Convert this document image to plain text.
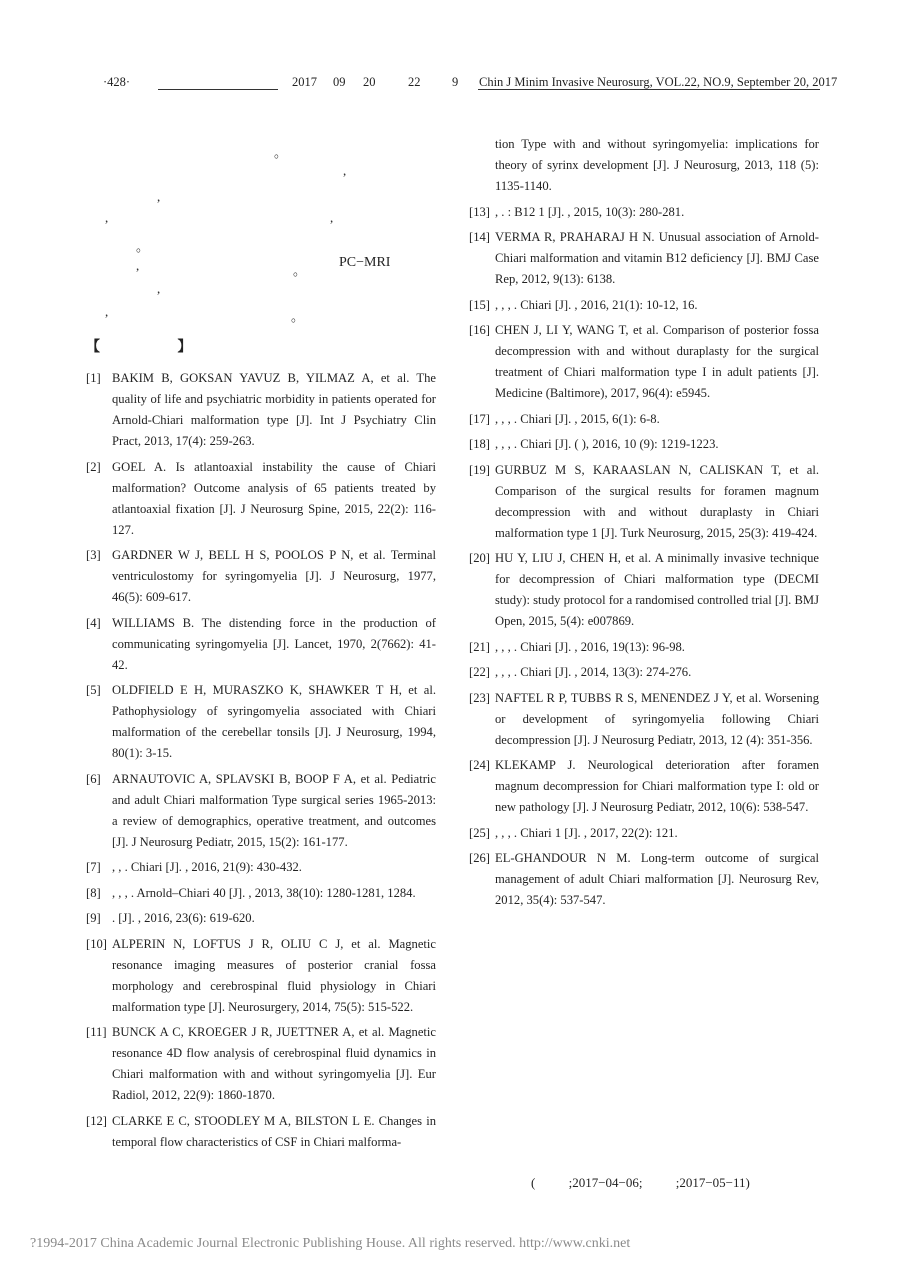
·428·	2017 09 20	22	9 Chin J Minim Invasive Neurosurg, VOL.22, NO.9, September 20, 2017
。
,
,
,	,
。
,	。
PC−MRI
,
,	。
【 】
[1] BAKIM B, GOKSAN YAVUZ B, YILMAZ A, et al. The quality of life and psychiatric morbidity in patients operated for Arnold-Chiari malformation type [J]. Int J Psychiatry Clin Pract, 2013, 17(4): 259-263.
[2] GOEL A. Is atlantoaxial instability the cause of Chiari malformation? Outcome analysis of 65 patients treated by atlantoaxial fixation [J]. J Neurosurg Spine, 2015, 22(2): 116-127.
[3] GARDNER W J, BELL H S, POOLOS P N, et al. Terminal ventriculostomy for syringomyelia [J]. J Neurosurg, 1977, 46(5): 609-617.
[4] WILLIAMS B. The distending force in the production of communicating syringomyelia [J]. Lancet, 1970, 2(7662): 41-42.
[5] OLDFIELD E H, MURASZKO K, SHAWKER T H, et al. Pathophysiology of syringomyelia associated with Chiari malformation of the cerebellar tonsils [J]. J Neurosurg, 1994, 80(1): 3-15.
[6] ARNAUTOVIC A, SPLAVSKI B, BOOP F A, et al. Pediatric and adult Chiari malformation Type surgical series 1965-2013: a review of demographics, operative treatment, and outcomes [J]. J Neurosurg Pediatr, 2015, 15(2): 161-177.
[7] , , . Chiari [J]. , 2016, 21(9): 430-432.
[8] , , , . Arnold–Chiari 40 [J]. , 2013, 38(10): 1280-1281, 1284.
[9] . [J]. , 2016, 23(6): 619-620.
[10] ALPERIN N, LOFTUS J R, OLIU C J, et al. Magnetic resonance imaging measures of posterior cranial fossa morphology and cerebrospinal fluid physiology in Chiari malformation type [J]. Neurosurgery, 2014, 75(5): 515-522.
[11] BUNCK A C, KROEGER J R, JUETTNER A, et al. Magnetic resonance 4D flow analysis of cerebrospinal fluid dynamics in Chiari malformation with and without syringomyelia [J]. Eur Radiol, 2012, 22(9): 1860-1870.
[12] CLARKE E C, STOODLEY M A, BILSTON L E. Changes in temporal flow characteristics of CSF in Chiari malforma-
tion Type with and without syringomyelia: implications for theory of syrinx development [J]. J Neurosurg, 2013, 118 (5): 1135-1140.
[13] , . : B12 1 [J]. , 2015, 10(3): 280-281.
[14] VERMA R, PRAHARAJ H N. Unusual association of Arnold-Chiari malformation and vitamin B12 deficiency [J]. BMJ Case Rep, 2012, 9(13): 6138.
[15] , , , . Chiari [J]. , 2016, 21(1): 10-12, 16.
[16] CHEN J, LI Y, WANG T, et al. Comparison of posterior fossa decompression with and without duraplasty for the surgical treatment of Chiari malformation type I in adult patients [J]. Medicine (Baltimore), 2017, 96(4): e5945.
[17] , , , . Chiari [J]. , 2015, 6(1): 6-8.
[18] , , , . Chiari [J]. ( ), 2016, 10 (9): 1219-1223.
[19] GURBUZ M S, KARAASLAN N, CALISKAN T, et al. Comparison of the surgical results for foramen magnum decompression with and without duraplasty in Chiari malformation type 1 [J]. Turk Neurosurg, 2015, 25(3): 419-424.
[20] HU Y, LIU J, CHEN H, et al. A minimally invasive technique for decompression of Chiari malformation type (DECMI study): study protocol for a randomised controlled trial [J]. BMJ Open, 2015, 5(4): e007869.
[21] , , , . Chiari [J]. , 2016, 19(13): 96-98.
[22] , , , . Chiari [J]. , 2014, 13(3): 274-276.
[23] NAFTEL R P, TUBBS R S, MENENDEZ J Y, et al. Worsening or development of syringomyelia following Chiari decompression [J]. J Neurosurg Pediatr, 2013, 12 (4): 351-356.
[24] KLEKAMP J. Neurological deterioration after foramen magnum decompression for Chiari malformation type I: old or new pathology [J]. J Neurosurg Pediatr, 2012, 10(6): 538-547.
[25] , , , . Chiari 1 [J]. , 2017, 22(2): 121.
[26] EL-GHANDOUR N M. Long-term outcome of surgical management of adult Chiari malformation [J]. Neurosurg Rev, 2012, 35(4): 537-547.
( ;2017−04−06; ;2017−05−11)
?1994-2017 China Academic Journal Electronic Publishing House. All rights reserved. http://www.cnki.net
